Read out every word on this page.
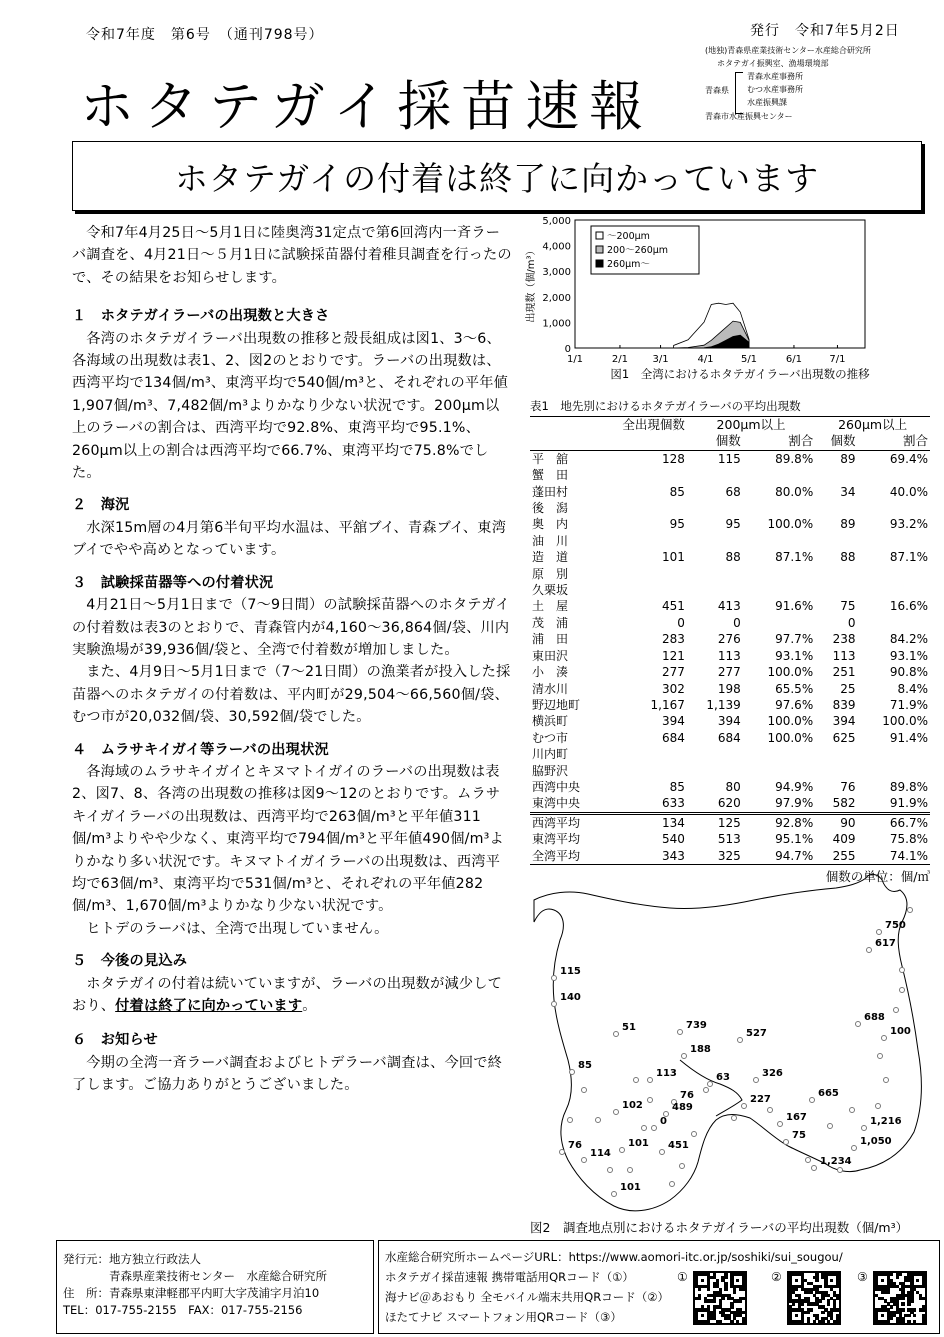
令和7年度　第6号　（通刊798号）	発行　令和7年5月2日
(地独)青森県産業技術センター水産総合研究所
ホタテガイ振興室、漁場環境部
青森県
青森水産事務所
むつ水産事務所
水産振興課
青森市水産振興センター
ホタテガイ採苗速報
ホタテガイの付着は終了に向かっています

令和7年4月25日～5月1日に陸奥湾31定点で第6回湾内一斉ラーバ調査を、4月21日～５月1日に試験採苗器付着稚貝調査を行ったので、その結果をお知らせします。

１　ホタテガイラーバの出現数と大きさ

各湾のホタテガイラーバ出現数の推移と殻長組成は図1、3～6、各海域の出現数は表1、2、図2のとおりです。ラーバの出現数は、西湾平均で134個/m³、東湾平均で540個/m³と、それぞれの平年値1,907個/m³、7,482個/m³よりかなり少ない状況です。200μm以上のラーバの割合は、西湾平均で92.8%、東湾平均で95.1%、260μm以上の割合は西湾平均で66.7%、東湾平均で75.8%でした。

２　海況

水深15m層の4月第6半旬平均水温は、平舘ブイ、青森ブイ、東湾ブイでやや高めとなっています。

３　試験採苗器等への付着状況

4月21日～5月1日まで（7～9日間）の試験採苗器へのホタテガイの付着数は表3のとおりで、青森管内が4,160～36,864個/袋、川内実験漁場が39,936個/袋と、全湾で付着数が増加しました。

また、4月9日～5月1日まで（7～21日間）の漁業者が投入した採苗器へのホタテガイの付着数は、平内町が29,504～66,560個/袋、むつ市が20,032個/袋、30,592個/袋でした。

４　ムラサキイガイ等ラーバの出現状況

各海域のムラサキイガイとキヌマトイガイのラーバの出現数は表2、図7、8、各湾の出現数の推移は図9～12のとおりです。ムラサキイガイラーバの出現数は、西湾平均で263個/m³と平年値311個/m³よりやや少なく、東湾平均で794個/m³と平年値490個/m³よりかなり多い状況です。キヌマトイガイラーバの出現数は、西湾平均で63個/m³、東湾平均で531個/m³と、それぞれの平年値282個/m³、1,670個/m³よりかなり少ない状況です。

ヒトデのラーバは、全湾で出現していません。

５　今後の見込み

ホタテガイの付着は続いていますが、ラーバの出現数が減少しており、付着は終了に向かっています。

６　お知らせ

今期の全湾一斉ラーバ調査およびヒトデラーバ調査は、今回で終了します。ご協力ありがとうございました。

0
1,000
2,000
3,000
4,000
5,000
1/1	2/1 3/1	4/1	5/1	6/1	7/1
出現数（個/m³）
～200μm
200～260μm
260μm～
図1　全湾におけるホタテガイラーバ出現数の推移
表1　地先別におけるホタテガイラーバの平均出現数
	全出現個数	200μm以上		260μm以上	
		個数	割合	個数	割合
平　舘	128	115	89.8%	89	69.4%
蟹　田					
蓬田村	85	68	80.0%	34	40.0%
後　潟					
奥　内	95	95	100.0%	89	93.2%
油　川					
造　道	101	88	87.1%	88	87.1%
原　別					
久栗坂					
土　屋	451	413	91.6%	75	16.6%
茂　浦	0	0		0	
浦　田	283	276	97.7%	238	84.2%
東田沢	121	113	93.1%	113	93.1%
小　湊	277	277	100.0%	251	90.8%
清水川	302	198	65.5%	25	8.4%
野辺地町	1,167	1,139	97.6%	839	71.9%
横浜町	394	394	100.0%	394	100.0%
むつ市	684	684	100.0%	625	91.4%
川内町					
脇野沢					
西湾中央	85	80	94.9%	76	89.8%
東湾中央	633	620	97.9%	582	91.9%
西湾平均	134	125	92.8%	90	66.7%
東湾平均	540	513	95.1%	409	75.8%
全湾平均	343	325	94.7%	255	74.1%
個数の単位：個/㎥
750
617
115
140
688
100
51	739
527
188
85
113	63	326
665
102
76
489
227
167	1,216
0
75
76	101 451	1,050
114
1,234
101
図2　調査地点別におけるホタテガイラーバの平均出現数（個/m³）
発行元：地方独立行政法人
青森県産業技術センター　水産総合研究所
住　所：青森県東津軽郡平内町大字茂浦字月泊10
TEL：017-755-2155　FAX：017-755-2156
水産総合研究所ホームページURL：https://www.aomori-itc.or.jp/soshiki/sui_sougou/
ホタテガイ採苗速報 携帯電話用QRコード（①）
海ナビ＠あおもり 全モバイル端末共用QRコード（②）
ほたてナビ スマートフォン用QRコード（③）
①	②	③
